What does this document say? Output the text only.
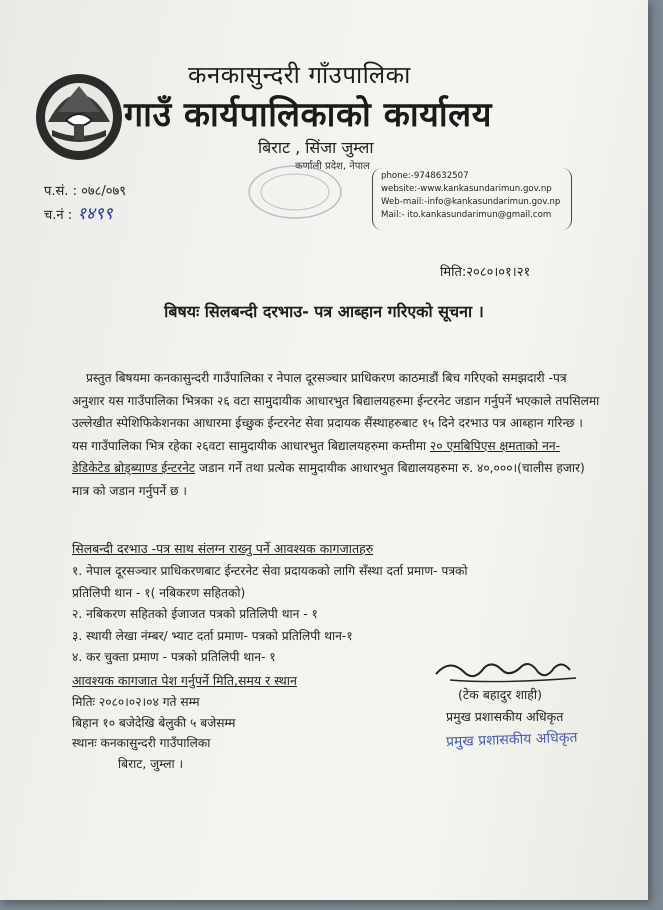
कनकासुन्दरी गाँउपालिका
गाउँ कार्यपालिकाको कार्यालय
बिराट , सिंजा जुम्ला
कर्णाली प्रदेश, नेपाल
प.सं. : ०७८/०७९
च.नं : १४९९
phone:-9748632507
website:-www.kankasundarimun.gov.np
Web-mail:-info@kankasundarimun.gov.np
Mail:- ito.kankasundarimun@gmail.com
मिति:२०८०।०१।२१
बिषयः सिलबन्दी दरभाउ- पत्र आब्हान गरिएको सूचना ।

प्रस्तुत बिषयमा कनकासुन्दरी गाउँपालिका र नेपाल दूरसञ्चार प्राधिकरण काठमाडौं बिच गरिएको समझदारी -पत्र अनुशार यस गाउँपालिका भित्रका २६ वटा सामुदायीक आधारभुत बिद्यालयहरुमा ईन्टरनेट जडान गर्नुपर्ने भएकाले तपसिलमा उल्लेखीत स्पेशिफिकेशनका आधारमा ईच्छुक ईन्टरनेट सेवा प्रदायक सैंस्थाहरुबाट १५ दिने दरभाउ पत्र आब्हान गरिन्छ ।

यस गाउँपालिका भित्र रहेका २६वटा सामुदायीक आधारभुत बिद्यालयहरुमा कम्तीमा २० एमबिपिएस क्षमताको नन- डेडिकेटेड ब्रोड्ब्याण्ड ईन्टरनेट जडान गर्ने तथा प्रत्येक सामुदायीक आधारभुत बिद्यालयहरुमा रु. ४०,०००।(चालीस हजार) मात्र को जडान गर्नुपर्ने छ ।

सिलबन्दी दरभाउ -पत्र साथ संलग्न राख्नु पर्ने आवश्यक कागजातहरु
१. नेपाल दूरसञ्चार प्राधिकरणबाट ईन्टरनेट सेवा प्रदायकको लागि सँस्था दर्ता प्रमाण- पत्रको
प्रतिलिपी थान - १( नबिकरण सहितको)
२. नबिकरण सहितको ईजाजत पत्रको प्रतिलिपी थान - १
३. स्थायी लेखा नंम्बर/ भ्याट दर्ता प्रमाण- पत्रको प्रतिलिपी थान-१
४. कर चुक्ता प्रमाण - पत्रको प्रतिलिपी थान- १
आवश्यक कागजात पेश गर्नुपर्ने मिति,समय र स्थान
मितिः २०८०।०२।०४ गते सम्म
बिहान १० बजेदेखि बेलुकी ५ बजेसम्म
स्थानः कनकासुन्दरी गाउँपालिका
बिराट, जुम्ला ।
(टेक बहादुर शाही)
प्रमुख प्रशासकीय अधिकृत
प्रमुख प्रशासकीय अधिकृत
